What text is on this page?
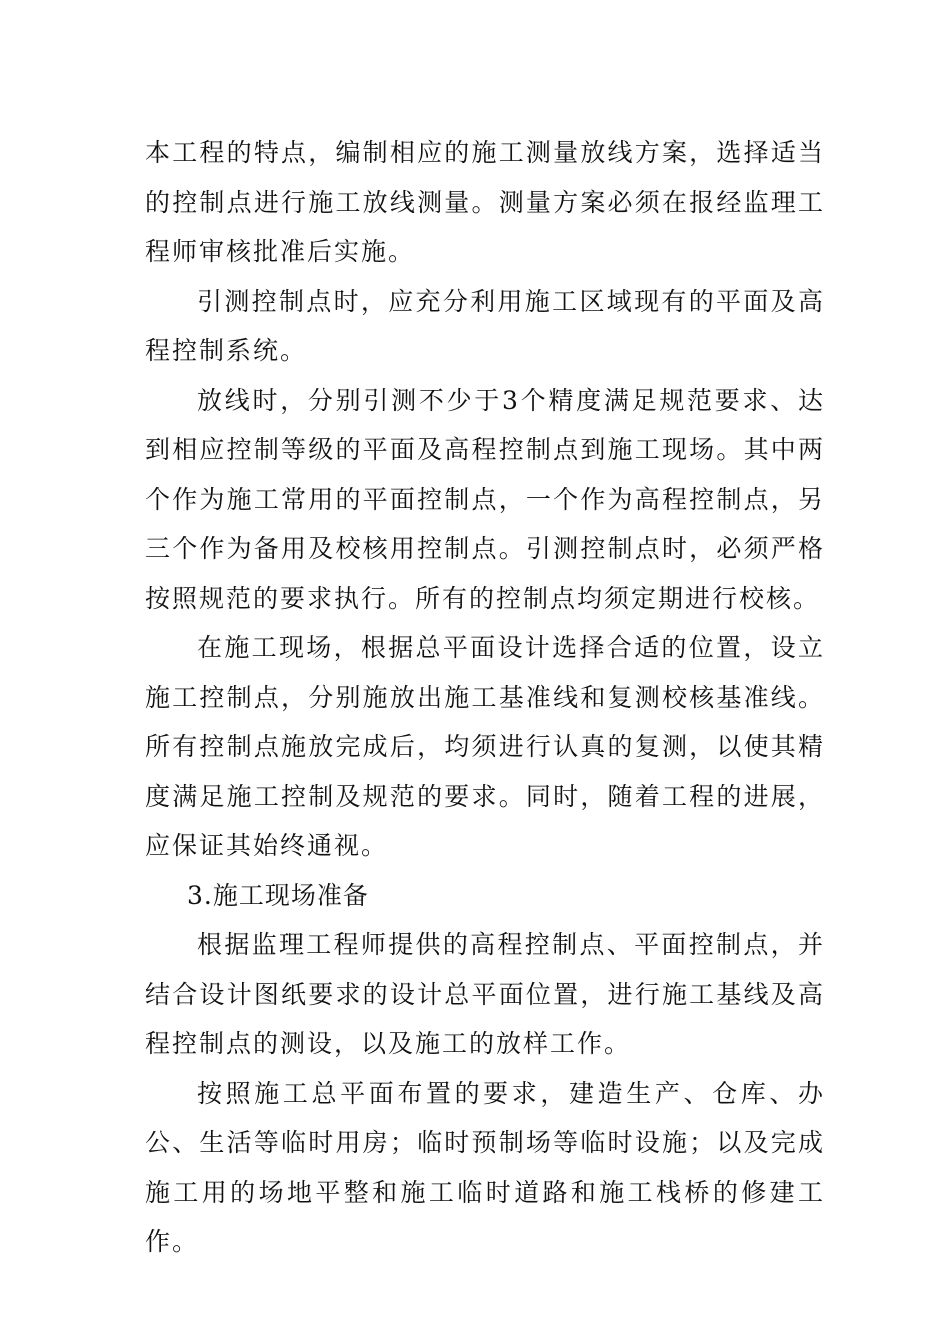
本工程的特点，编制相应的施工测量放线方案，选择适当的控制点进行施工放线测量。测量方案必须在报经监理工程师审核批准后实施。

引测控制点时，应充分利用施工区域现有的平面及高程控制系统。

放线时，分别引测不少于3个精度满足规范要求、达到相应控制等级的平面及高程控制点到施工现场。其中两个作为施工常用的平面控制点，一个作为高程控制点，另三个作为备用及校核用控制点。引测控制点时，必须严格按照规范的要求执行。所有的控制点均须定期进行校核。

在施工现场，根据总平面设计选择合适的位置，设立施工控制点，分别施放出施工基准线和复测校核基准线。所有控制点施放完成后，均须进行认真的复测，以使其精度满足施工控制及规范的要求。同时，随着工程的进展，应保证其始终通视。

3.施工现场准备

根据监理工程师提供的高程控制点、平面控制点，并结合设计图纸要求的设计总平面位置，进行施工基线及高程控制点的测设，以及施工的放样工作。

按照施工总平面布置的要求，建造生产、仓库、办公、生活等临时用房；临时预制场等临时设施；以及完成施工用的场地平整和施工临时道路和施工栈桥的修建工作。
